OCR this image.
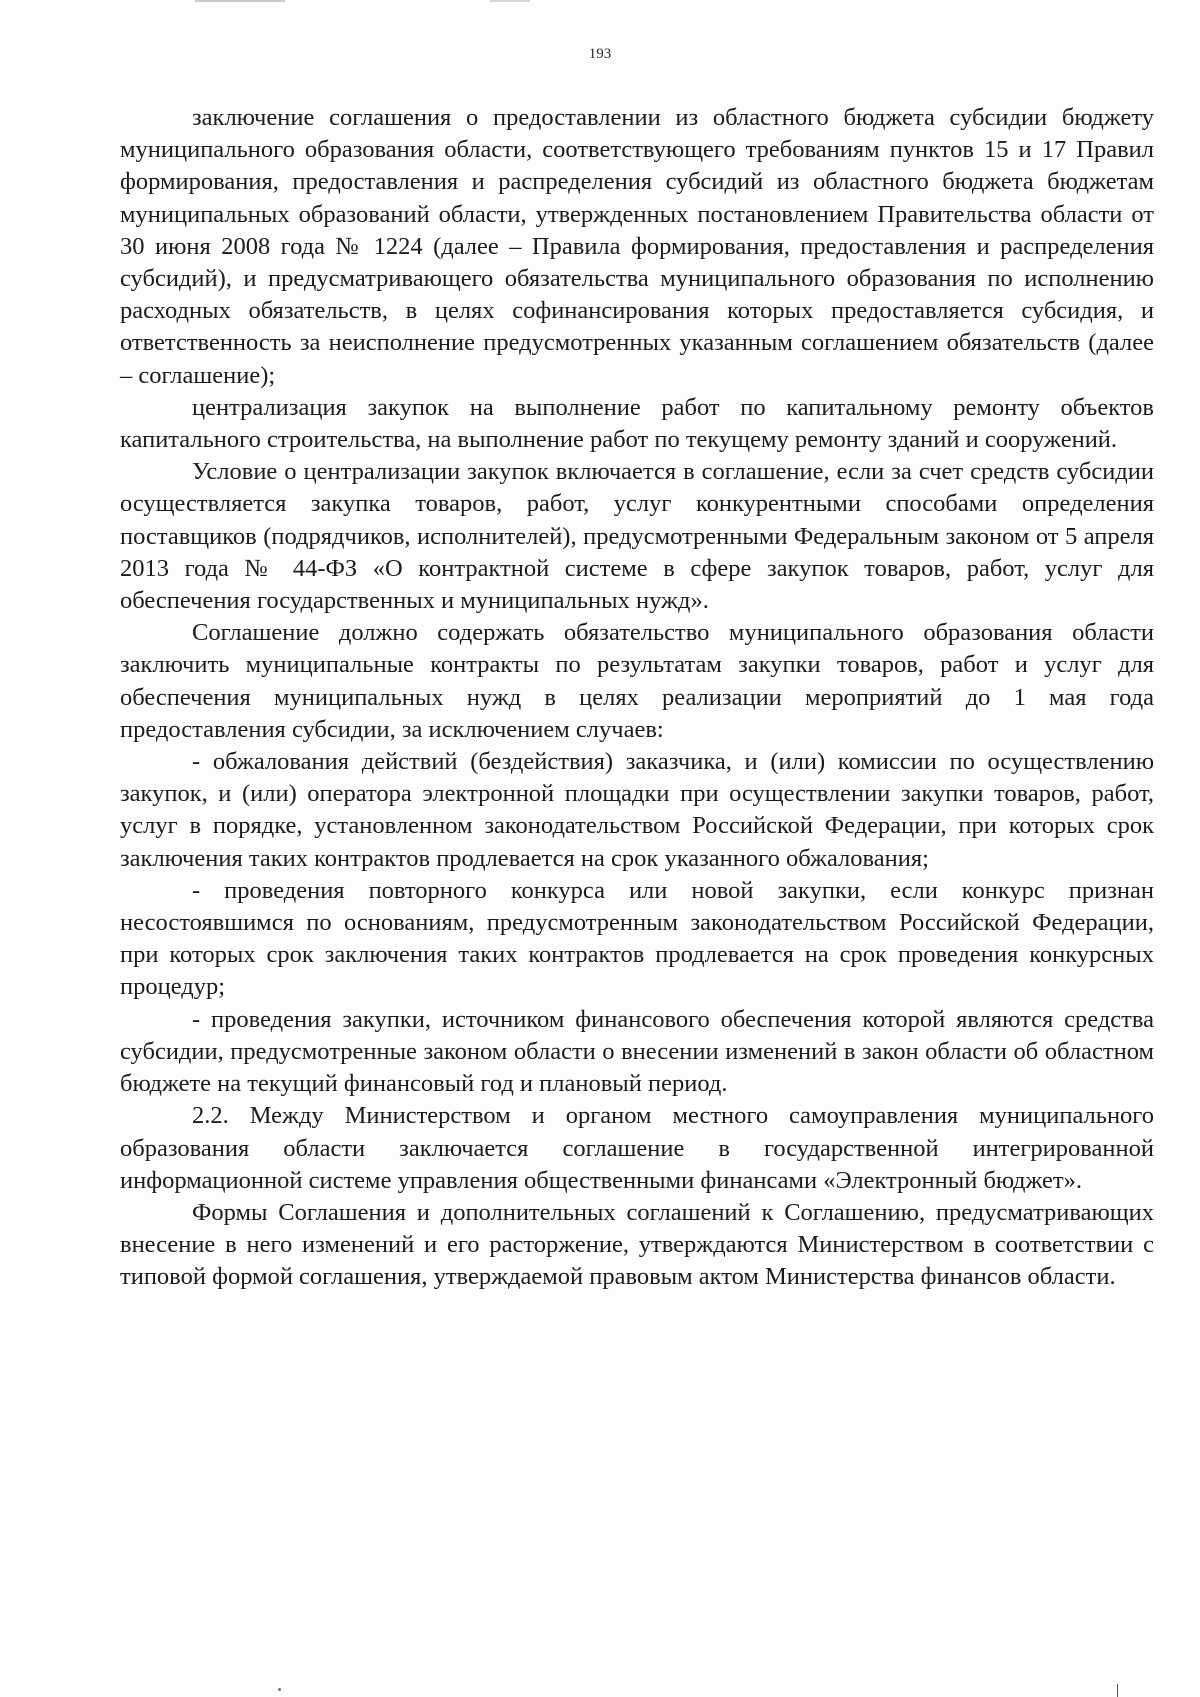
193

заключение соглашения о предоставлении из областного бюджета субсидии бюджету муниципального образования области, соответствующего требованиям пунктов 15 и 17 Правил формирования, предоставления и распределения субсидий из областного бюджета бюджетам муниципальных образований области, утвержденных постановлением Правительства области от 30 июня 2008 года № 1224 (далее – Правила формирования, предоставления и распределения субсидий), и предусматривающего обязательства муниципального образования по исполнению расходных обязательств, в целях софинансирования которых предоставляется субсидия, и ответственность за неисполнение предусмотренных указанным соглашением обязательств (далее – соглашение);

централизация закупок на выполнение работ по капитальному ремонту объектов капитального строительства, на выполнение работ по текущему ремонту зданий и сооружений.

Условие о централизации закупок включается в соглашение, если за счет средств субсидии осуществляется закупка товаров, работ, услуг конкурентными способами определения поставщиков (подрядчиков, исполнителей), предусмотренными Федеральным законом от 5 апреля 2013 года № 44-ФЗ «О контрактной системе в сфере закупок товаров, работ, услуг для обеспечения государственных и муниципальных нужд».

Соглашение должно содержать обязательство муниципального образования области заключить муниципальные контракты по результатам закупки товаров, работ и услуг для обеспечения муниципальных нужд в целях реализации мероприятий до 1 мая года предоставления субсидии, за исключением случаев:

- обжалования действий (бездействия) заказчика, и (или) комиссии по осуществлению закупок, и (или) оператора электронной площадки при осуществлении закупки товаров, работ, услуг в порядке, установленном законодательством Российской Федерации, при которых срок заключения таких контрактов продлевается на срок указанного обжалования;

- проведения повторного конкурса или новой закупки, если конкурс признан несостоявшимся по основаниям, предусмотренным законодательством Российской Федерации, при которых срок заключения таких контрактов продлевается на срок проведения конкурсных процедур;

- проведения закупки, источником финансового обеспечения которой являются средства субсидии, предусмотренные законом области о внесении изменений в закон области об областном бюджете на текущий финансовый год и плановый период.

2.2. Между Министерством и органом местного самоуправления муниципального образования области заключается соглашение в государственной интегрированной информационной системе управления общественными финансами «Электронный бюджет».

Формы Соглашения и дополнительных соглашений к Соглашению, предусматривающих внесение в него изменений и его расторжение, утверждаются Министерством в соответствии с типовой формой соглашения, утверждаемой правовым актом Министерства финансов области.
